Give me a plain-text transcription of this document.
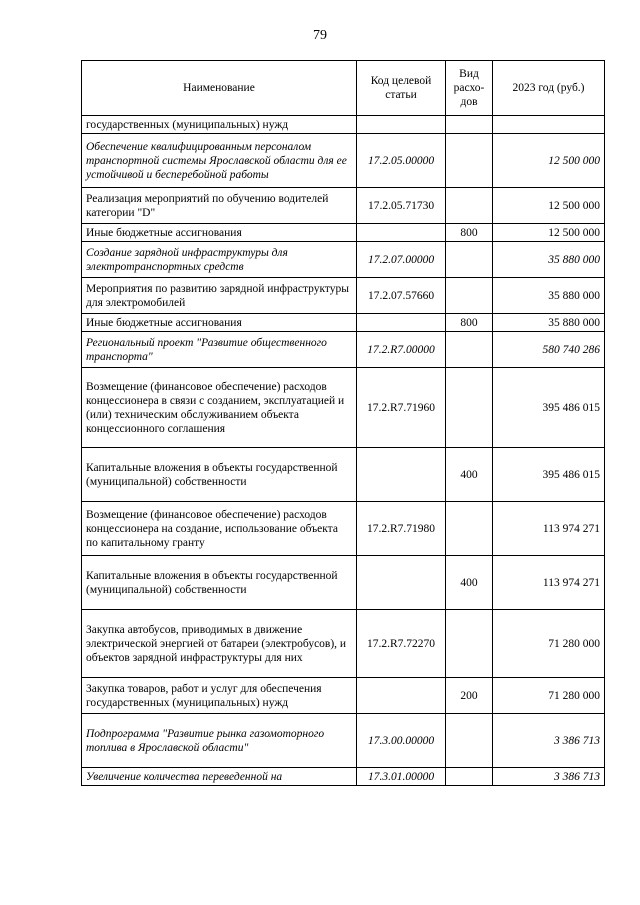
79
Наименование	Код целевой статьи	Вид расхо-дов	2023 год (руб.)
государственных (муниципальных) нужд			
Обеспечение квалифицированным персоналом транспортной системы Ярославской области для ее устойчивой и бесперебойной работы	17.2.05.00000		12 500 000
Реализация мероприятий по обучению водителей категории "D"	17.2.05.71730		12 500 000
Иные бюджетные ассигнования		800	12 500 000
Создание зарядной инфраструктуры для электротранспортных средств	17.2.07.00000		35 880 000
Мероприятия по развитию зарядной инфраструктуры для электромобилей	17.2.07.57660		35 880 000
Иные бюджетные ассигнования		800	35 880 000
Региональный проект "Развитие общественного транспорта"	17.2.R7.00000		580 740 286
Возмещение (финансовое обеспечение) расходов концессионера в связи с созданием, эксплуатацией и (или) техническим обслуживанием объекта концессионного соглашения	17.2.R7.71960		395 486 015
Капитальные вложения в объекты государственной (муниципальной) собственности		400	395 486 015
Возмещение (финансовое обеспечение) расходов концессионера на создание, использование объекта по капитальному гранту	17.2.R7.71980		113 974 271
Капитальные вложения в объекты государственной (муниципальной) собственности		400	113 974 271
Закупка автобусов, приводимых в движение электрической энергией от батареи (электробусов), и объектов зарядной инфраструктуры для них	17.2.R7.72270		71 280 000
Закупка товаров, работ и услуг для обеспечения государственных (муниципальных) нужд		200	71 280 000
Подпрограмма "Развитие рынка газомоторного топлива в Ярославской области"	17.3.00.00000		3 386 713
Увеличение количества переведенной на	17.3.01.00000		3 386 713
